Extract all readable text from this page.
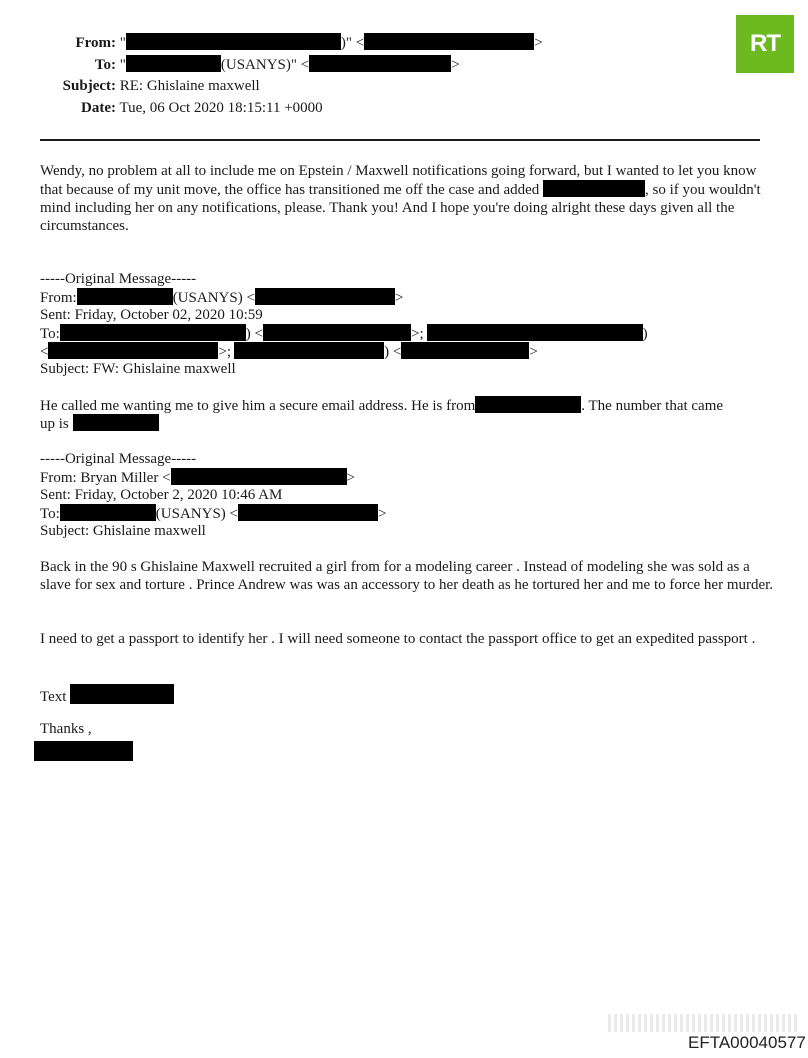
RT
From: "	)" <	>
To: "	(USANYS)" <	>
Subject: RE: Ghislaine maxwell
Date: Tue, 06 Oct 2020 18:15:11 +0000
Wendy, no problem at all to include me on Epstein / Maxwell notifications going forward, but I wanted to let you know that because of my unit move, the office has transitioned me off the case and added	, so if you wouldn't mind including her on any notifications, please. Thank you! And I hope you're doing alright these days given all the circumstances.
-----Original Message-----
From:	(USANYS) <	>
Sent: Friday, October 02, 2020 10:59
To:	) <	>;	)
<	>;	) <	>
Subject: FW: Ghislaine maxwell
He called me wanting me to give him a secure email address. He is from	. The number that came
up is
-----Original Message-----
From: Bryan Miller <	>
Sent: Friday, October 2, 2020 10:46 AM
To:	(USANYS) <	>
Subject: Ghislaine maxwell
Back in the 90 s Ghislaine Maxwell recruited a girl from for a modeling career . Instead of modeling she was sold as a slave for sex and torture . Prince Andrew was was an accessory to her death as he tortured her and me to force her murder.
I need to get a passport to identify her . I will need someone to contact the passport office to get an expedited passport .
Text
Thanks ,
EFTA00040577
